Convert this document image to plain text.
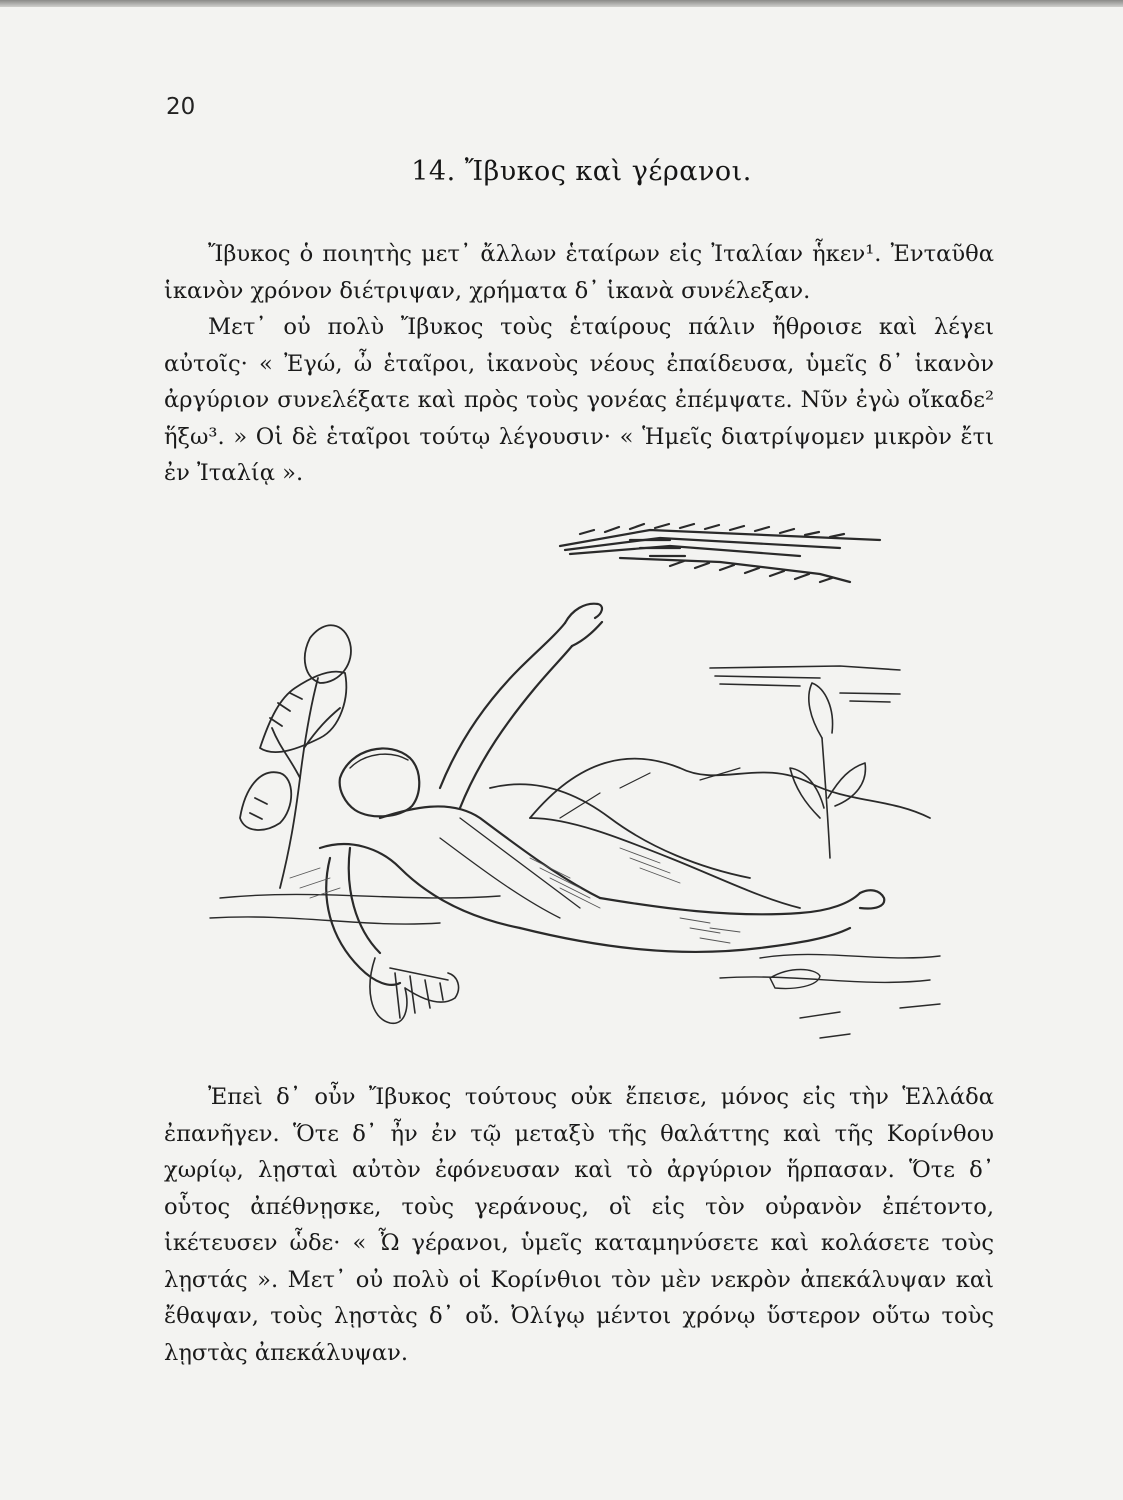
20
14. Ἴβυκος καὶ γέρανοι.

Ἴβυκος ὁ ποιητὴς μετ᾽ ἄλλων ἑταίρων εἰς Ἰταλίαν ἧκεν¹. Ἐνταῦθα ἱκανὸν χρόνον διέτριψαν, χρήματα δ᾽ ἱκανὰ συνέλεξαν.

Μετ᾽ οὐ πολὺ Ἴβυκος τοὺς ἑταίρους πάλιν ἤθροισε καὶ λέγει αὐτοῖς· « Ἐγώ, ὦ ἑταῖροι, ἱκανοὺς νέους ἐπαίδευσα, ὑμεῖς δ᾽ ἱκανὸν ἀργύριον συνελέξατε καὶ πρὸς τοὺς γονέας ἐπέμψατε. Νῦν ἐγὼ οἴκαδε² ἥξω³. » Οἱ δὲ ἑταῖροι τούτῳ λέγουσιν· « Ἡμεῖς διατρίψομεν μικρὸν ἔτι ἐν Ἰταλίᾳ ».

Ἐπεὶ δ᾽ οὖν Ἴβυκος τούτους οὐκ ἔπεισε, μόνος εἰς τὴν Ἑλλάδα ἐπανῆγεν. Ὅτε δ᾽ ἦν ἐν τῷ μεταξὺ τῆς θαλάττης καὶ τῆς Κορίνθου χωρίῳ, λῃσταὶ αὐτὸν ἐφόνευσαν καὶ τὸ ἀργύριον ἥρπασαν. Ὅτε δ᾽ οὗτος ἀπέθνῃσκε, τοὺς γεράνους, οἳ εἰς τὸν οὐρανὸν ἐπέτοντο, ἱκέτευσεν ὧδε· « Ὦ γέρανοι, ὑμεῖς καταμηνύσετε καὶ κολάσετε τοὺς λῃστάς ». Μετ᾽ οὐ πολὺ οἱ Κορίνθιοι τὸν μὲν νεκρὸν ἀπεκάλυψαν καὶ ἔθαψαν, τοὺς λῃστὰς δ᾽ οὔ. Ὀλίγῳ μέντοι χρόνῳ ὕστερον οὕτω τοὺς λῃστὰς ἀπεκάλυψαν.
